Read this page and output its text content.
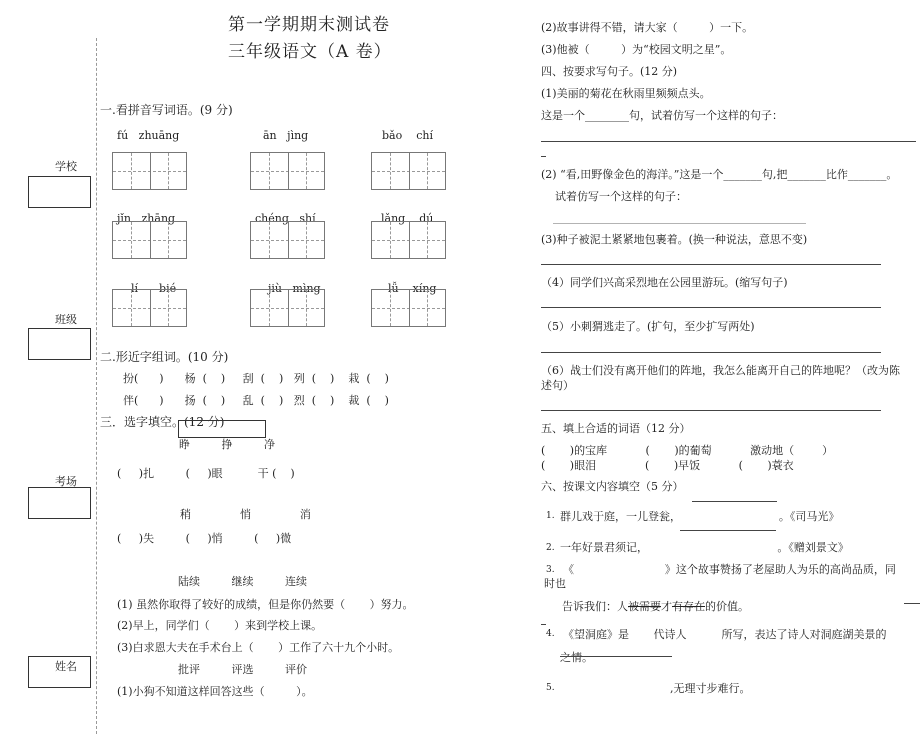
第一学期期末测试卷
三年级语文（A 卷）
学校
班级
考场
姓名
一.看拼音写词语。(9 分)
fú zhuāng	ān jìng	bǎo chí
jǐn zhāng	chéng shí	lǎng dú
lí bié	jiù mìng	lǚ xíng
二.形近字组词。(10 分)
扮( ) 杨 ( ) 刮 ( ) 列 ( ) 栽 ( )
伴( ) 扬 ( ) 乱 ( ) 烈 ( ) 裁 ( )
三．选字填空。(12 分)
睁	挣	净
( )扎	( )眼	干 ( )
稍	悄	消
( )失	( )悄	( )微
陆续	继续	连续
(1) 虽然你取得了较好的成绩，但是你仍然要（ ）努力。
(2)早上，同学们（ ）来到学校上课。
(3)白求恩大夫在手术台上（ ）工作了六十九个小时。
批评	评选	评价
(1)小狗不知道这样回答这些（	）。
(2)故事讲得不错，请大家（	）一下。
(3)他被（	）为“校园文明之星”。
四、按要求写句子。(12 分)
(1)美丽的菊花在秋雨里频频点头。
这是一个________句，试着仿写一个这样的句子：
(2) “看,田野像金色的海洋。”这是一个_______句,把_______比作_______。
试着仿写一个这样的句子：
______________________________________________
(3)种子被泥土紧紧地包裹着。(换一种说法，意思不变)
（4）同学们兴高采烈地在公园里游玩。(缩写句子)
（5）小刺猬逃走了。(扩句，至少扩写两处)
（6）战士们没有离开他们的阵地，我怎么能离开自己的阵地呢？（改为陈
述句）
五、填上合适的词语（12 分）
( )的宝库	( )的葡萄	激动地（	）
( )眼泪	( )早饭	( )蓑衣
六、按课文内容填空（5 分）
1. 群儿戏于庭，一儿登瓮，	。《司马光》
2. 一年好景君须记，	。《赠刘景文》
3. 《	》这个故事赞扬了老屋助人为乐的高尚品质，同
时也
告诉我们：人被需要才有存在的价值。
4. 《望洞庭》是 代诗人	所写，表达了诗人对洞庭湖美景的
之情。
5.	,无理寸步难行。
